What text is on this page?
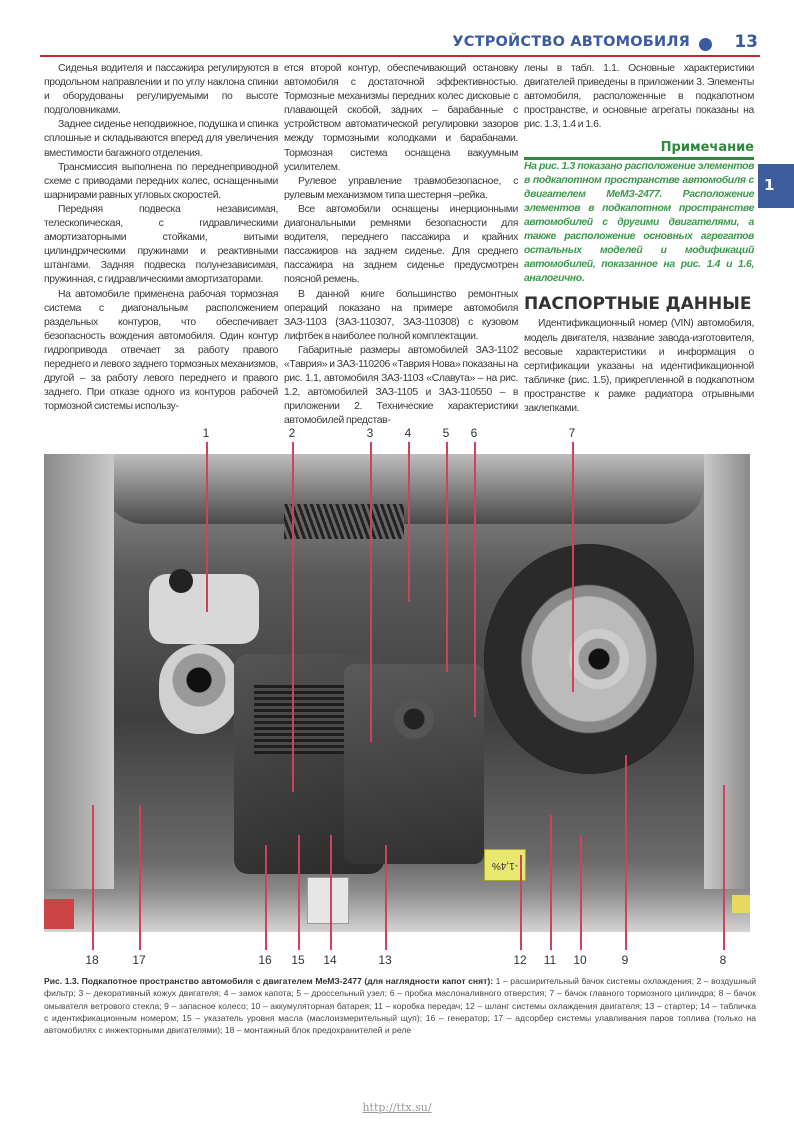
УСТРОЙСТВО АВТОМОБИЛЯ	13
1

Сиденья водителя и пассажира регулируются в продольном направлении и по углу наклона спинки и оборудованы регулируемыми по высоте подголовниками.

Заднее сиденье неподвижное, подушка и спинка сплошные и складываются вперед для увеличения вместимости багажного отделения.

Трансмиссия выполнена по переднеприводной схеме с приводами передних колес, оснащенными шарнирами равных угловых скоростей.

Передняя подвеска независимая, телескопическая, с гидравлическими амортизаторными стойками, витыми цилиндрическими пружинами и реактивными штангами. Задняя подвеска полунезависимая, пружинная, с гидравлическими амортизаторами.

На автомобиле применена рабочая тормозная система с диагональным расположением раздельных контуров, что обеспечивает безопасность вождения автомобиля. Один контур гидропривода отвечает за работу правого переднего и левого заднего тормозных механизмов, другой – за работу левого переднего и правого заднего. При отказе одного из контуров рабочей тормозной системы использу-

ется второй контур, обеспечивающий остановку автомобиля с достаточной эффективностью. Тормозные механизмы передних колес дисковые с плавающей скобой, задних – барабанные с устройством автоматической регулировки зазоров между тормозными колодками и барабанами. Тормозная система оснащена вакуумным усилителем.

Рулевое управление травмобезопасное, с рулевым механизмом типа шестерня –рейка.

Все автомобили оснащены инерционными диагональными ремнями безопасности для водителя, переднего пассажира и крайних пассажиров на заднем сиденье. Для среднего пассажира на заднем сиденье предусмотрен поясной ремень.

В данной книге большинство ремонтных операций показано на примере автомобиля ЗАЗ-1103 (ЗАЗ-110307, ЗАЗ-110308) с кузовом лифтбек в наиболее полной комплектации.

Габаритные размеры автомобилей ЗАЗ-1102 «Таврия» и ЗАЗ-110206 «Таврия Нова» показаны на рис. 1.1, автомобиля ЗАЗ-1103 «Славута» – на рис. 1.2, автомобилей ЗАЗ-1105 и ЗАЗ-110550 – в приложении 2. Технические характеристики автомобилей представ-

лены в табл. 1.1. Основные характеристики двигателей приведены в приложении 3. Элементы автомобиля, расположенные в подкапотном пространстве, и основные агрегаты показаны на рис. 1.3, 1.4 и 1.6.

Примечание

На рис. 1.3 показано расположение элементов в подкапотном пространстве автомобиля с двигателем МеМЗ-2477. Расположение элементов в подкапотном пространстве автомобилей с другими двигателями, а также расположение основных агрегатов остальных моделей и модификаций автомобилей, показанное на рис. 1.4 и 1.6, аналогично.

ПАСПОРТНЫЕ ДАННЫЕ

Идентификационный номер (VIN) автомобиля, модель двигателя, название завода-изготовителя, весовые характеристики и информация о сертификации указаны на идентификационной табличке (рис. 1.5), прикрепленной в подкапотном пространстве к рамке радиатора отрывными заклепками.

-1,4%
1	2	3	4	5	6	7
18	17	16 15 14	13	12	11	10	9	8
Рис. 1.3. Подкапотное пространство автомобиля с двигателем МеМЗ-2477 (для наглядности капот снят): 1 – расширительный бачок системы охлаждения; 2 – воздушный фильтр; 3 – декоративный кожух двигателя; 4 – замок капота; 5 – дроссельный узел; 6 – пробка маслоналивного отверстия; 7 – бачок главного тормозного цилиндра; 8 – бачок омывателя ветрового стекла; 9 – запасное колесо; 10 – аккумуляторная батарея; 11 – коробка передач; 12 – шланг системы охлаждения двигателя; 13 – стартер; 14 – табличка с идентификационным номером; 15 – указатель уровня масла (маслоизмерительный щуп); 16 – генератор; 17 – адсорбер системы улавливания паров топлива (только на автомобилях с инжекторными двигателями); 18 – монтажный блок предохранителей и реле
http://ttx.su/
